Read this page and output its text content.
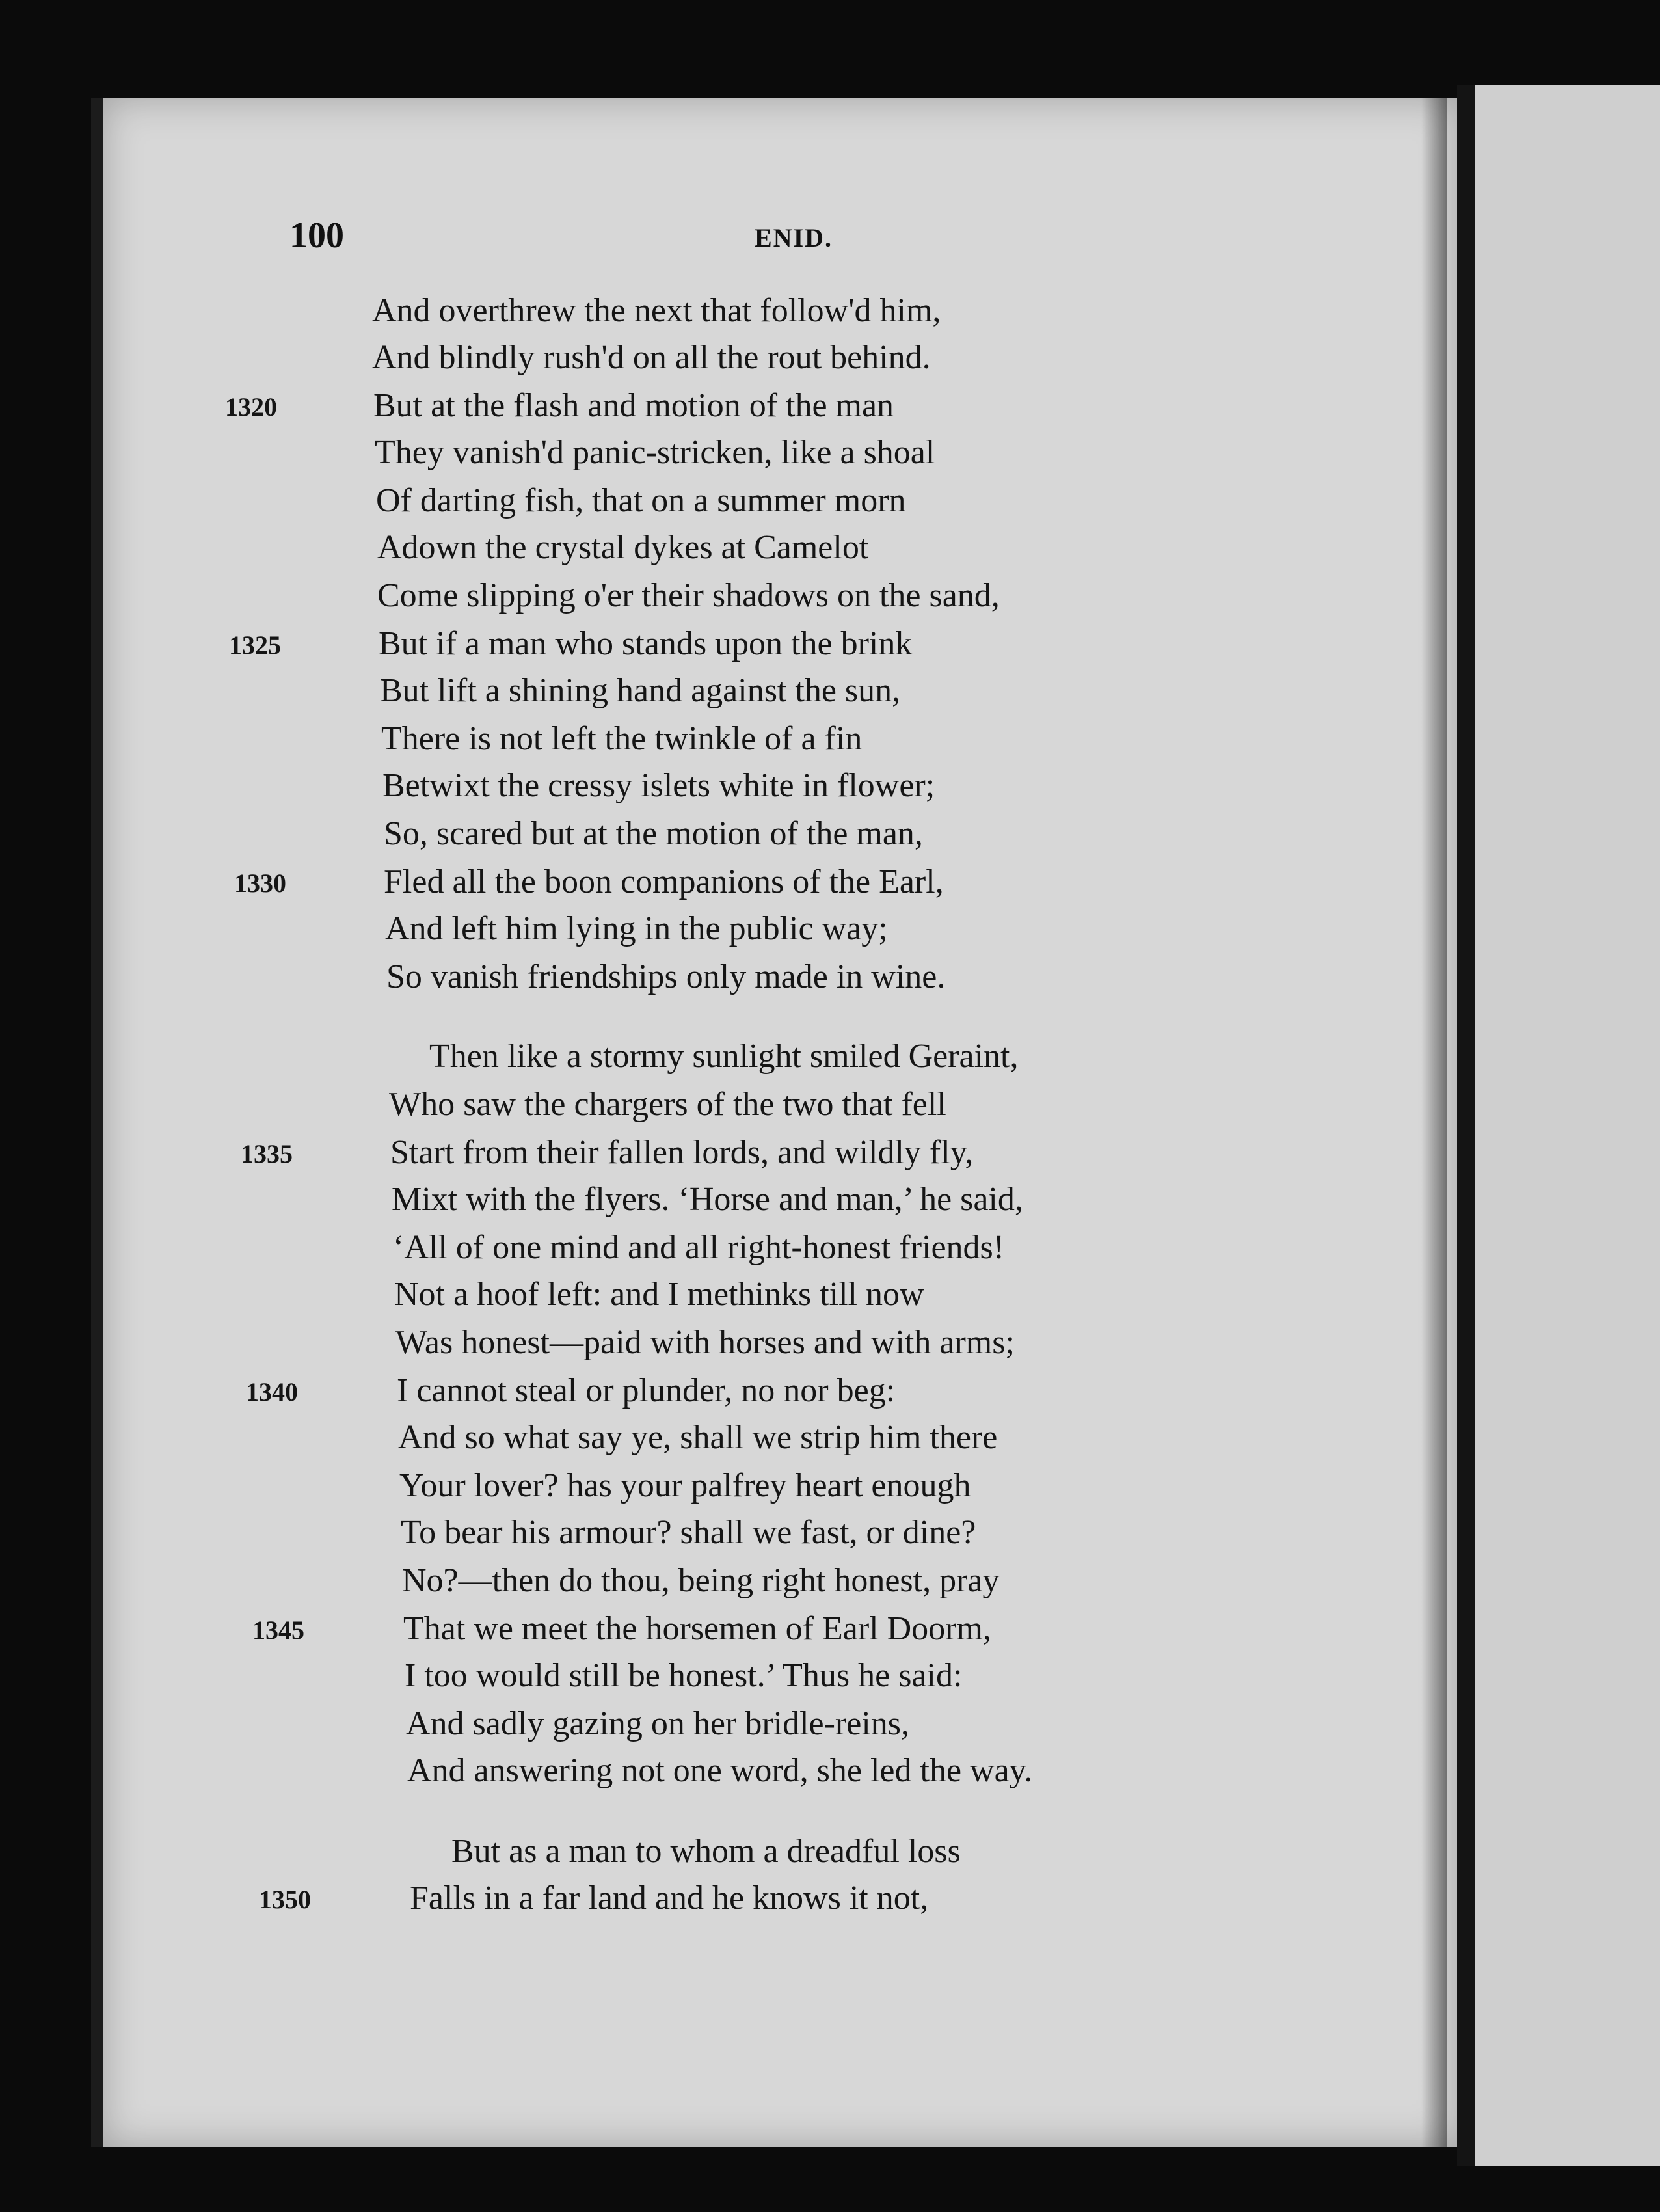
100	ENID.
And overthrew the next that follow'd him,
And blindly rush'd on all the rout behind.
But at the flash and motion of the man
They vanish'd panic-stricken, like a shoal
Of darting fish, that on a summer morn
Adown the crystal dykes at Camelot
Come slipping o'er their shadows on the sand,
But if a man who stands upon the brink
But lift a shining hand against the sun,
There is not left the twinkle of a fin
Betwixt the cressy islets white in flower;
So, scared but at the motion of the man,
Fled all the boon companions of the Earl,
And left him lying in the public way;
So vanish friendships only made in wine.
Then like a stormy sunlight smiled Geraint,
Who saw the chargers of the two that fell
Start from their fallen lords, and wildly fly,
Mixt with the flyers. ‘Horse and man,’ he said,
‘All of one mind and all right-honest friends!
Not a hoof left: and I methinks till now
Was honest—paid with horses and with arms;
I cannot steal or plunder, no nor beg:
And so what say ye, shall we strip him there
Your lover? has your palfrey heart enough
To bear his armour? shall we fast, or dine?
No?—then do thou, being right honest, pray
That we meet the horsemen of Earl Doorm,
I too would still be honest.’ Thus he said:
And sadly gazing on her bridle-reins,
And answering not one word, she led the way.
But as a man to whom a dreadful loss
Falls in a far land and he knows it not,
1320
1325
1330
1335
1340
1345
1350
